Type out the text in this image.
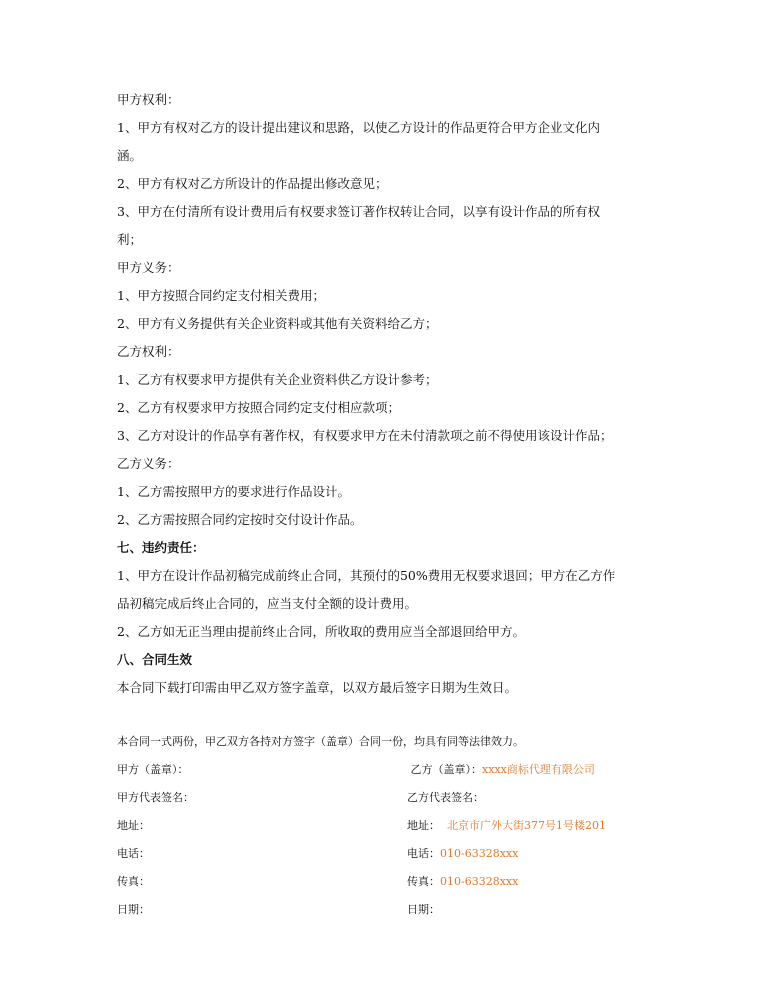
甲方权利：

1、甲方有权对乙方的设计提出建议和思路，以使乙方设计的作品更符合甲方企业文化内

涵。

2、甲方有权对乙方所设计的作品提出修改意见；

3、甲方在付清所有设计费用后有权要求签订著作权转让合同，以享有设计作品的所有权

利；

甲方义务：

1、甲方按照合同约定支付相关费用；

2、甲方有义务提供有关企业资料或其他有关资料给乙方；

乙方权利：

1、乙方有权要求甲方提供有关企业资料供乙方设计参考；

2、乙方有权要求甲方按照合同约定支付相应款项；

3、乙方对设计的作品享有著作权，有权要求甲方在未付清款项之前不得使用该设计作品；

乙方义务：

1、乙方需按照甲方的要求进行作品设计。

2、乙方需按照合同约定按时交付设计作品。

七、违约责任：

1、甲方在设计作品初稿完成前终止合同，其预付的50%费用无权要求退回；甲方在乙方作

品初稿完成后终止合同的，应当支付全额的设计费用。

2、乙方如无正当理由提前终止合同，所收取的费用应当全部退回给甲方。

八、合同生效

本合同下载打印需由甲乙双方签字盖章，以双方最后签字日期为生效日。

本合同一式两份，甲乙双方各持对方签字（盖章）合同一份，均具有同等法律效力。

甲方（盖章）：	乙方（盖章）：xxxx商标代理有限公司
甲方代表签名：	乙方代表签名：
地址：	地址： 北京市广外大街377号1号楼201
电话：	电话：010-63328xxx
传真：	传真：010-63328xxx
日期：	日期：
